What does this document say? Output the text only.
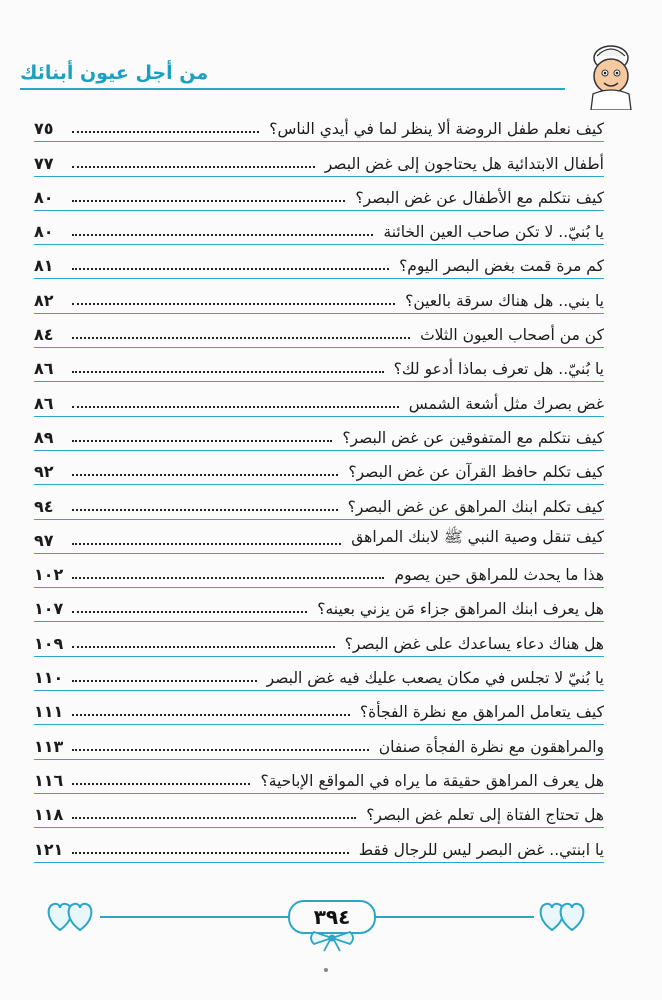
من أجل عيون أبنائك
كيف نعلم طفل الروضة ألا ينظر لما في أيدي الناس؟
٧٥
أطفال الابتدائية هل يحتاجون إلى غض البصر
٧٧
كيف نتكلم مع الأطفال عن غض البصر؟
٨٠
يا بُنيّ.. لا تكن صاحب العين الخائنة
٨٠
كم مرة قمت بغض البصر اليوم؟
٨١
يا بني.. هل هناك سرقة بالعين؟
٨٢
كن من أصحاب العيون الثلاث
٨٤
يا بُنيّ.. هل تعرف بماذا أدعو لك؟
٨٦
غض بصرك مثل أشعة الشمس
٨٦
كيف نتكلم مع المتفوقين عن غض البصر؟
٨٩
كيف تكلم حافظ القرآن عن غض البصر؟
٩٢
كيف تكلم ابنك المراهق عن غض البصر؟
٩٤
كيف تنقل وصية النبي ﷺ لابنك المراهق
٩٧
هذا ما يحدث للمراهق حين يصوم
١٠٢
هل يعرف ابنك المراهق جزاء مَن يزني بعينه؟
١٠٧
هل هناك دعاء يساعدك على غض البصر؟
١٠٩
يا بُنيّ لا تجلس في مكان يصعب عليك فيه غض البصر
١١٠
كيف يتعامل المراهق مع نظرة الفجأة؟
١١١
والمراهقون مع نظرة الفجأة صنفان
١١٣
هل يعرف المراهق حقيقة ما يراه في المواقع الإباحية؟
١١٦
هل تحتاج الفتاة إلى تعلم غض البصر؟
١١٨
يا ابنتي.. غض البصر ليس للرجال فقط
١٢١
٣٩٤
